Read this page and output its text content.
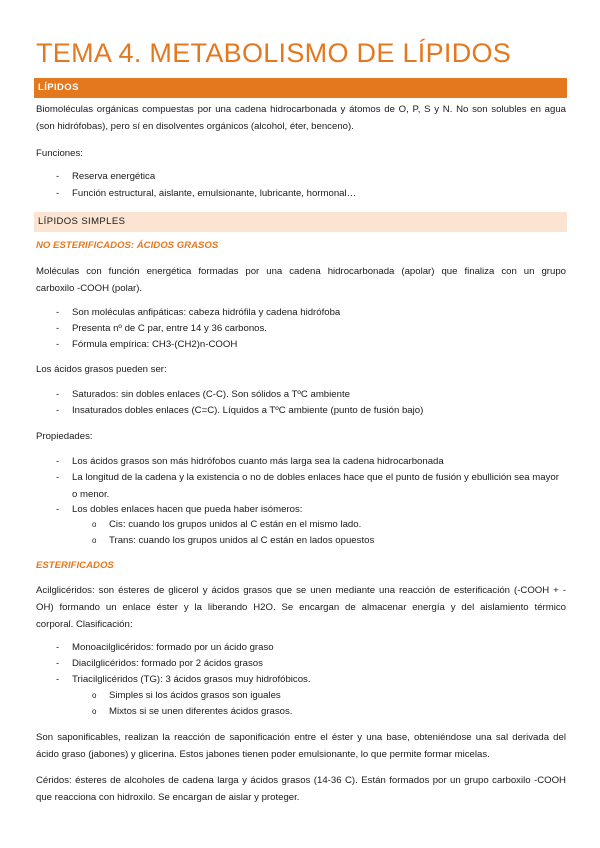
TEMA 4. METABOLISMO DE LÍPIDOS
LÍPIDOS
Biomoléculas orgánicas compuestas por una cadena hidrocarbonada y átomos de O, P, S y N. No son solubles en agua
(son hidrófobas), pero sí en disolventes orgánicos (alcohol, éter, benceno).
Funciones:
- Reserva energética
- Función estructural, aislante, emulsionante, lubricante, hormonal…
LÍPIDOS SIMPLES
NO ESTERIFICADOS: ÁCIDOS GRASOS
Moléculas con función energética formadas por una cadena hidrocarbonada (apolar) que finaliza con un grupo
carboxilo -COOH (polar).
- Son moléculas anfipáticas: cabeza hidrófila y cadena hidrófoba
- Presenta nº de C par, entre 14 y 36 carbonos.
- Fórmula empírica: CH3-(CH2)n-COOH
Los ácidos grasos pueden ser:
- Saturados: sin dobles enlaces (C-C). Son sólidos a TºC ambiente
- Insaturados dobles enlaces (C=C). Líquidos a TºC ambiente (punto de fusión bajo)
Propiedades:
- Los ácidos grasos son más hidrófobos cuanto más larga sea la cadena hidrocarbonada
- La longitud de la cadena y la existencia o no de dobles enlaces hace que el punto de fusión y ebullición sea mayor o menor.
- Los dobles enlaces hacen que pueda haber isómeros:
o Cis: cuando los grupos unidos al C están en el mismo lado.
o Trans: cuando los grupos unidos al C están en lados opuestos
ESTERIFICADOS
Acilglicéridos: son ésteres de glicerol y ácidos grasos que se unen mediante una reacción de esterificación (-COOH + -
OH) formando un enlace éster y la liberando H2O. Se encargan de almacenar energía y del aislamiento térmico
corporal. Clasificación:
- Monoacilglicéridos: formado por un ácido graso
- Diacilglicéridos: formado por 2 ácidos grasos
- Triacilglicéridos (TG): 3 ácidos grasos muy hidrofóbicos.
o Simples si los ácidos grasos son iguales
o Mixtos si se unen diferentes ácidos grasos.
Son saponificables, realizan la reacción de saponificación entre el éster y una base, obteniéndose una sal derivada del
ácido graso (jabones) y glicerina. Estos jabones tienen poder emulsionante, lo que permite formar micelas.
Céridos: ésteres de alcoholes de cadena larga y ácidos grasos (14-36 C). Están formados por un grupo carboxilo -COOH
que reacciona con hidroxilo. Se encargan de aislar y proteger.
